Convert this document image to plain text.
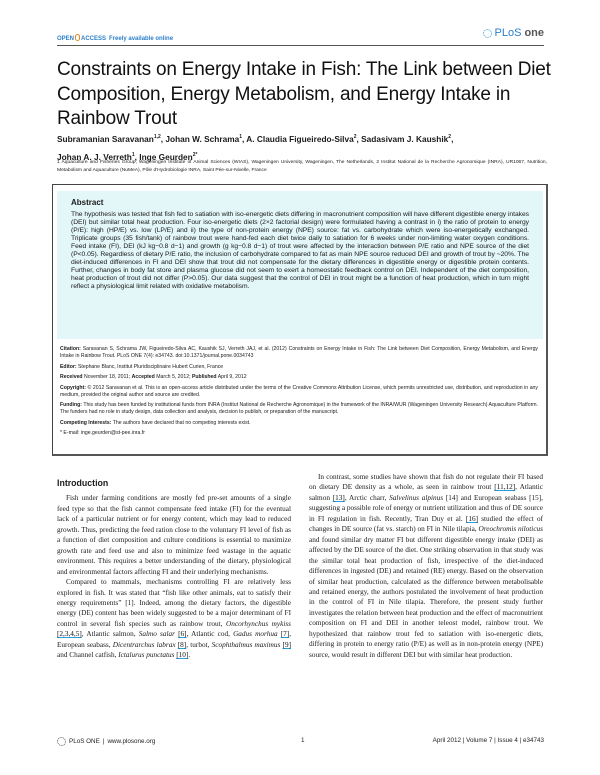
OPEN ACCESS Freely available online	PLoS one
Constraints on Energy Intake in Fish: The Link between Diet Composition, Energy Metabolism, and Energy Intake in Rainbow Trout
Subramanian Saravanan$^{1,2}$, Johan W. Schrama$^1$, A. Claudia Figueiredo-Silva$^2$, Sadasivam J. Kaushik$^2$,
Johan A. J. Verreth$^1$, Inge Geurden$^{2*}$
1 Aquaculture and Fisheries Group, Wageningen Institute of Animal Sciences (WIAS), Wageningen University, Wageningen, The Netherlands, 2 Institut National de la Recherche Agronomique (INRA), UR1067, Nutrition, Metabolism and Aquaculture (NuMeA), Pôle d'Hydrobiologie INRA, Saint Pée-sur-Nivelle, France
Abstract
The hypothesis was tested that fish fed to satiation with iso-energetic diets differing in macronutrient composition will have different digestible energy intakes (DEI) but similar total heat production. Four iso-energetic diets (2×2 factorial design) were formulated having a contrast in i) the ratio of protein to energy (P/E): high (HP/E) vs. low (LP/E) and ii) the type of non-protein energy (NPE) source: fat vs. carbohydrate which were iso-energetically exchanged. Triplicate groups (35 fish/tank) of rainbow trout were hand-fed each diet twice daily to satiation for 6 weeks under non-limiting water oxygen conditions. Feed intake (FI), DEI (kJ kg−0.8 d−1) and growth (g kg−0.8 d−1) of trout were affected by the interaction between P/E ratio and NPE source of the diet (P<0.05). Regardless of dietary P/E ratio, the inclusion of carbohydrate compared to fat as main NPE source reduced DEI and growth of trout by ~20%. The diet-induced differences in FI and DEI show that trout did not compensate for the dietary differences in digestible energy or digestible protein contents. Further, changes in body fat store and plasma glucose did not seem to exert a homeostatic feedback control on DEI. Independent of the diet composition, heat production of trout did not differ (P>0.05). Our data suggest that the control of DEI in trout might be a function of heat production, which in turn might reflect a physiological limit related with oxidative metabolism.

Citation: Saravanan S, Schrama JW, Figueiredo-Silva AC, Kaushik SJ, Verreth JAJ, et al. (2012) Constraints on Energy Intake in Fish: The Link between Diet Composition, Energy Metabolism, and Energy Intake in Rainbow Trout. PLoS ONE 7(4): e34743. doi:10.1371/journal.pone.0034743

Editor: Stephane Blanc, Institut Pluridisciplinaire Hubert Curien, France

Received November 18, 2011; Accepted March 5, 2012; Published April 9, 2012

Copyright: © 2012 Saravanan et al. This is an open-access article distributed under the terms of the Creative Commons Attribution License, which permits unrestricted use, distribution, and reproduction in any medium, provided the original author and source are credited.

Funding: This study has been funded by institutional funds from INRA (Institut National de Recherche Agronomique) in the framework of the INRA/WUR (Wageningen University Research) Aquaculture Platform. The funders had no role in study design, data collection and analysis, decision to publish, or preparation of the manuscript.

Competing Interests: The authors have declared that no competing interests exist.

* E-mail: inge.geurden@st-pee.inra.fr

Introduction

Fish under farming conditions are mostly fed pre-set amounts of a single feed type so that the fish cannot compensate feed intake (FI) for the eventual lack of a particular nutrient or for energy content, which may lead to reduced growth. Thus, predicting the feed ration close to the voluntary FI level of fish as a function of diet composition and culture conditions is essential to maximize growth rate and feed use and also to minimize feed wastage in the aquatic environment. This requires a better understanding of the dietary, physiological and environmental factors affecting FI and their underlying mechanisms.

Compared to mammals, mechanisms controlling FI are relatively less explored in fish. It was stated that “fish like other animals, eat to satisfy their energy requirements” [1]. Indeed, among the dietary factors, the digestible energy (DE) content has been widely suggested to be a major determinant of FI control in several fish species such as rainbow trout, Oncorhynchus mykiss [2,3,4,5], Atlantic salmon, Salmo salar [6], Atlantic cod, Gadus morhua [7], European seabass, Dicentrarchus labrax [8], turbot, Scophthalmus maximus [9] and Channel catfish, Ictalurus punctatus [10].

In contrast, some studies have shown that fish do not regulate their FI based on dietary DE density as a whole, as seen in rainbow trout [11,12], Atlantic salmon [13], Arctic charr, Salvelinus alpinus [14] and European seabass [15], suggesting a possible role of energy or nutrient utilization and thus of DE source in FI regulation in fish. Recently, Tran Duy et al. [16] studied the effect of changes in DE source (fat vs. starch) on FI in Nile tilapia, Oreochromis niloticus and found similar dry matter FI but different digestible energy intake (DEI) as affected by the DE source of the diet. One striking observation in that study was the similar total heat production of fish, irrespective of the diet-induced differences in ingested (DE) and retained (RE) energy. Based on the observation of similar heat production, calculated as the difference between metabolisable and retained energy, the authors postulated the involvement of heat production in the control of FI in Nile tilapia. Therefore, the present study further investigates the relation between heat production and the effect of macronutrient composition on FI and DEI in another teleost model, rainbow trout. We hypothesized that rainbow trout fed to satiation with iso-energetic diets, differing in protein to energy ratio (P/E) as well as in non-protein energy (NPE) source, would result in different DEI but with similar heat production.

PLoS ONE | www.plosone.org	1	April 2012 | Volume 7 | Issue 4 | e34743
